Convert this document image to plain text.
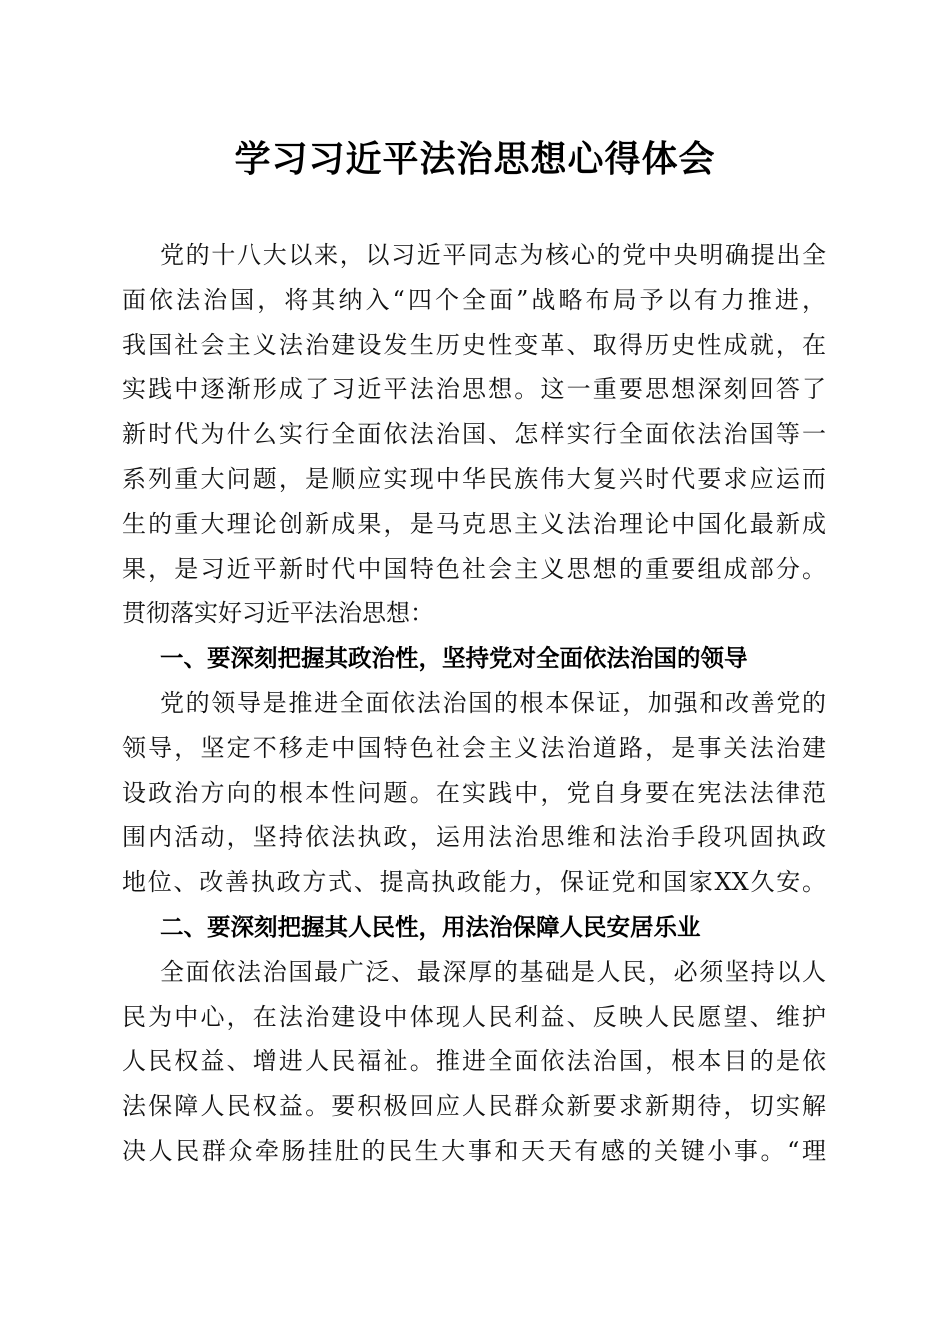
学习习近平法治思想心得体会
党的十八大以来，以习近平同志为核心的党中央明确提出全
面依法治国，将其纳入“四个全面”战略布局予以有力推进，
我国社会主义法治建设发生历史性变革、取得历史性成就，在
实践中逐渐形成了习近平法治思想。这一重要思想深刻回答了
新时代为什么实行全面依法治国、怎样实行全面依法治国等一
系列重大问题，是顺应实现中华民族伟大复兴时代要求应运而
生的重大理论创新成果，是马克思主义法治理论中国化最新成
果，是习近平新时代中国特色社会主义思想的重要组成部分。
贯彻落实好习近平法治思想：
一、要深刻把握其政治性，坚持党对全面依法治国的领导
党的领导是推进全面依法治国的根本保证，加强和改善党的
领导，坚定不移走中国特色社会主义法治道路，是事关法治建
设政治方向的根本性问题。在实践中，党自身要在宪法法律范
围内活动，坚持依法执政，运用法治思维和法治手段巩固执政
地位、改善执政方式、提高执政能力，保证党和国家XX久安。
二、要深刻把握其人民性，用法治保障人民安居乐业
全面依法治国最广泛、最深厚的基础是人民，必须坚持以人
民为中心，在法治建设中体现人民利益、反映人民愿望、维护
人民权益、增进人民福祉。推进全面依法治国，根本目的是依
法保障人民权益。要积极回应人民群众新要求新期待，切实解
决人民群众牵肠挂肚的民生大事和天天有感的关键小事。“理
